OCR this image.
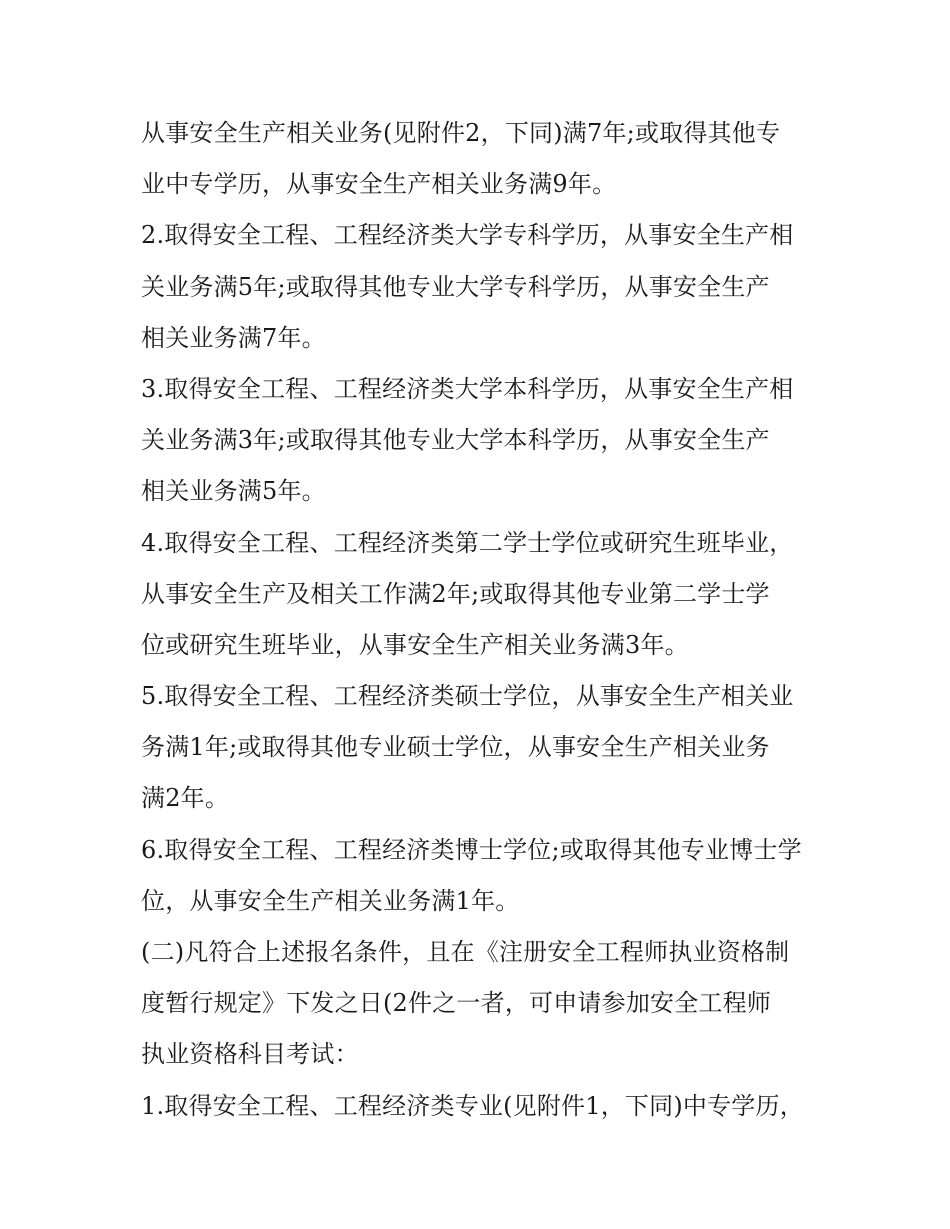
从事安全生产相关业务(见附件2，下同)满7年;或取得其他专
业中专学历，从事安全生产相关业务满9年。
2.取得安全工程、工程经济类大学专科学历，从事安全生产相
关业务满5年;或取得其他专业大学专科学历，从事安全生产
相关业务满7年。
3.取得安全工程、工程经济类大学本科学历，从事安全生产相
关业务满3年;或取得其他专业大学本科学历，从事安全生产
相关业务满5年。
4.取得安全工程、工程经济类第二学士学位或研究生班毕业，
从事安全生产及相关工作满2年;或取得其他专业第二学士学
位或研究生班毕业，从事安全生产相关业务满3年。
5.取得安全工程、工程经济类硕士学位，从事安全生产相关业
务满1年;或取得其他专业硕士学位，从事安全生产相关业务
满2年。
6.取得安全工程、工程经济类博士学位;或取得其他专业博士学
位，从事安全生产相关业务满1年。
(二)凡符合上述报名条件，且在《注册安全工程师执业资格制
度暂行规定》下发之日(2件之一者，可申请参加安全工程师
执业资格科目考试：
1.取得安全工程、工程经济类专业(见附件1，下同)中专学历，
